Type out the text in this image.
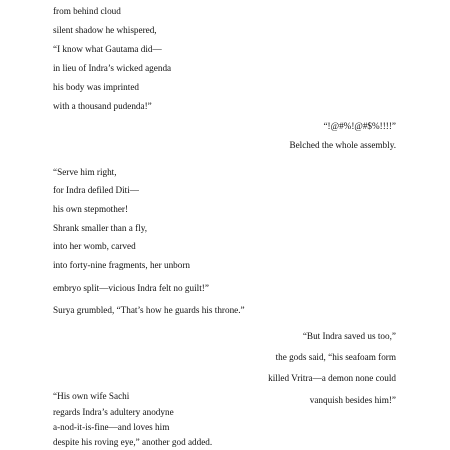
from behind cloud
silent shadow he whispered,
“I know what Gautama did—
in lieu of Indra’s wicked agenda
his body was imprinted
with a thousand pudenda!”
“!@#%!@#$%!!!!”
Belched the whole assembly.
“Serve him right,
for Indra defiled Diti—
his own stepmother!
Shrank smaller than a fly,
into her womb, carved
into forty-nine fragments, her unborn
embryo split—vicious Indra felt no guilt!”
Surya grumbled, “That’s how he guards his throne.”
“But Indra saved us too,”
the gods said, “his seafoam form
killed Vritra—a demon none could
vanquish besides him!”
“His own wife Sachi
regards Indra’s adultery anodyne
a-nod-it-is-fine—and loves him
despite his roving eye,” another god added.
